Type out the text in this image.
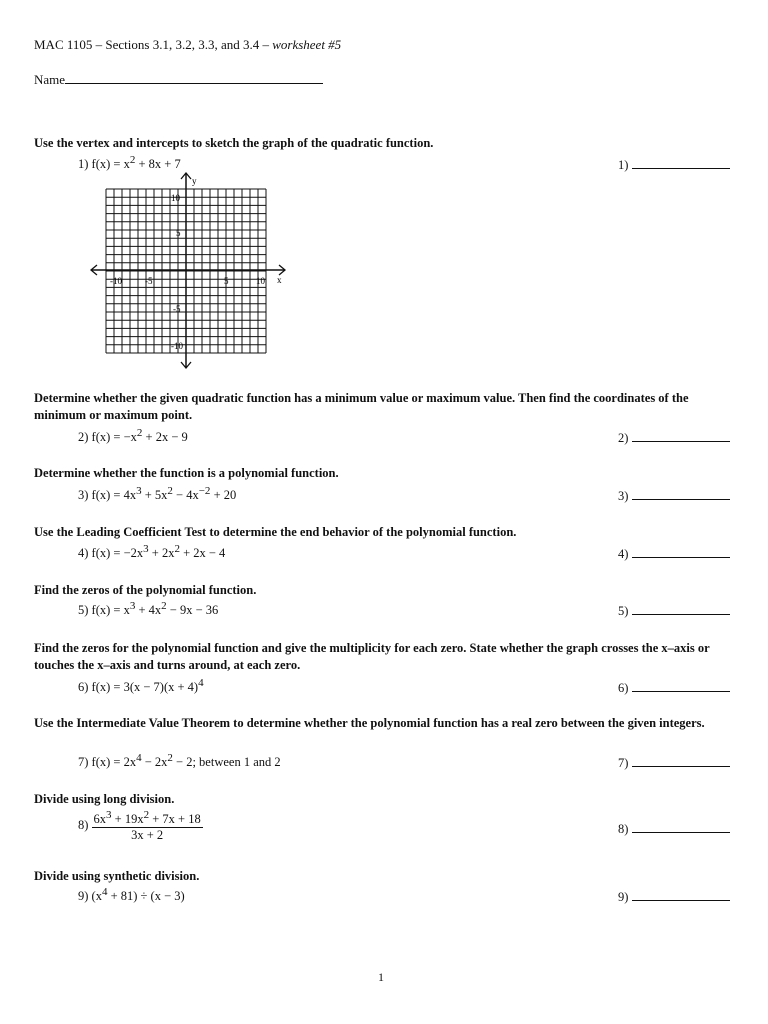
MAC 1105 – Sections 3.1, 3.2, 3.3, and 3.4 – worksheet #5
Name
Use the vertex and intercepts to sketch the graph of the quadratic function.
1) $f(x) = x^2 + 8x + 7$	1)
y
x
10
5
-5
-10
-10	-5	5	10
Determine whether the given quadratic function has a minimum value or maximum value. Then find the coordinates of the minimum or maximum point.
2) $f(x) = -x^2 + 2x - 9$	2)
Determine whether the function is a polynomial function.
3) $f(x) = 4x^3 + 5x^2 - 4x^{-2} + 20$	3)
Use the Leading Coefficient Test to determine the end behavior of the polynomial function.
4) $f(x) = -2x^3 + 2x^2 + 2x - 4$	4)
Find the zeros of the polynomial function.
5) $f(x) = x^3 + 4x^2 - 9x - 36$	5)
Find the zeros for the polynomial function and give the multiplicity for each zero. State whether the graph crosses the x–axis or touches the x–axis and turns around, at each zero.
6) $f(x) = 3(x - 7)(x + 4)^4$	6)
Use the Intermediate Value Theorem to determine whether the polynomial function has a real zero between the given integers.
7) $f(x) = 2x^4 - 2x^2 - 2$; between 1 and 2	7)
Divide using long division.
$8) \frac{6x^3 + 19x^2 + 7x + 18}{3x + 2}$	8)
Divide using synthetic division.
9) $(x^4 + 81) \div (x - 3)$	9)
1
